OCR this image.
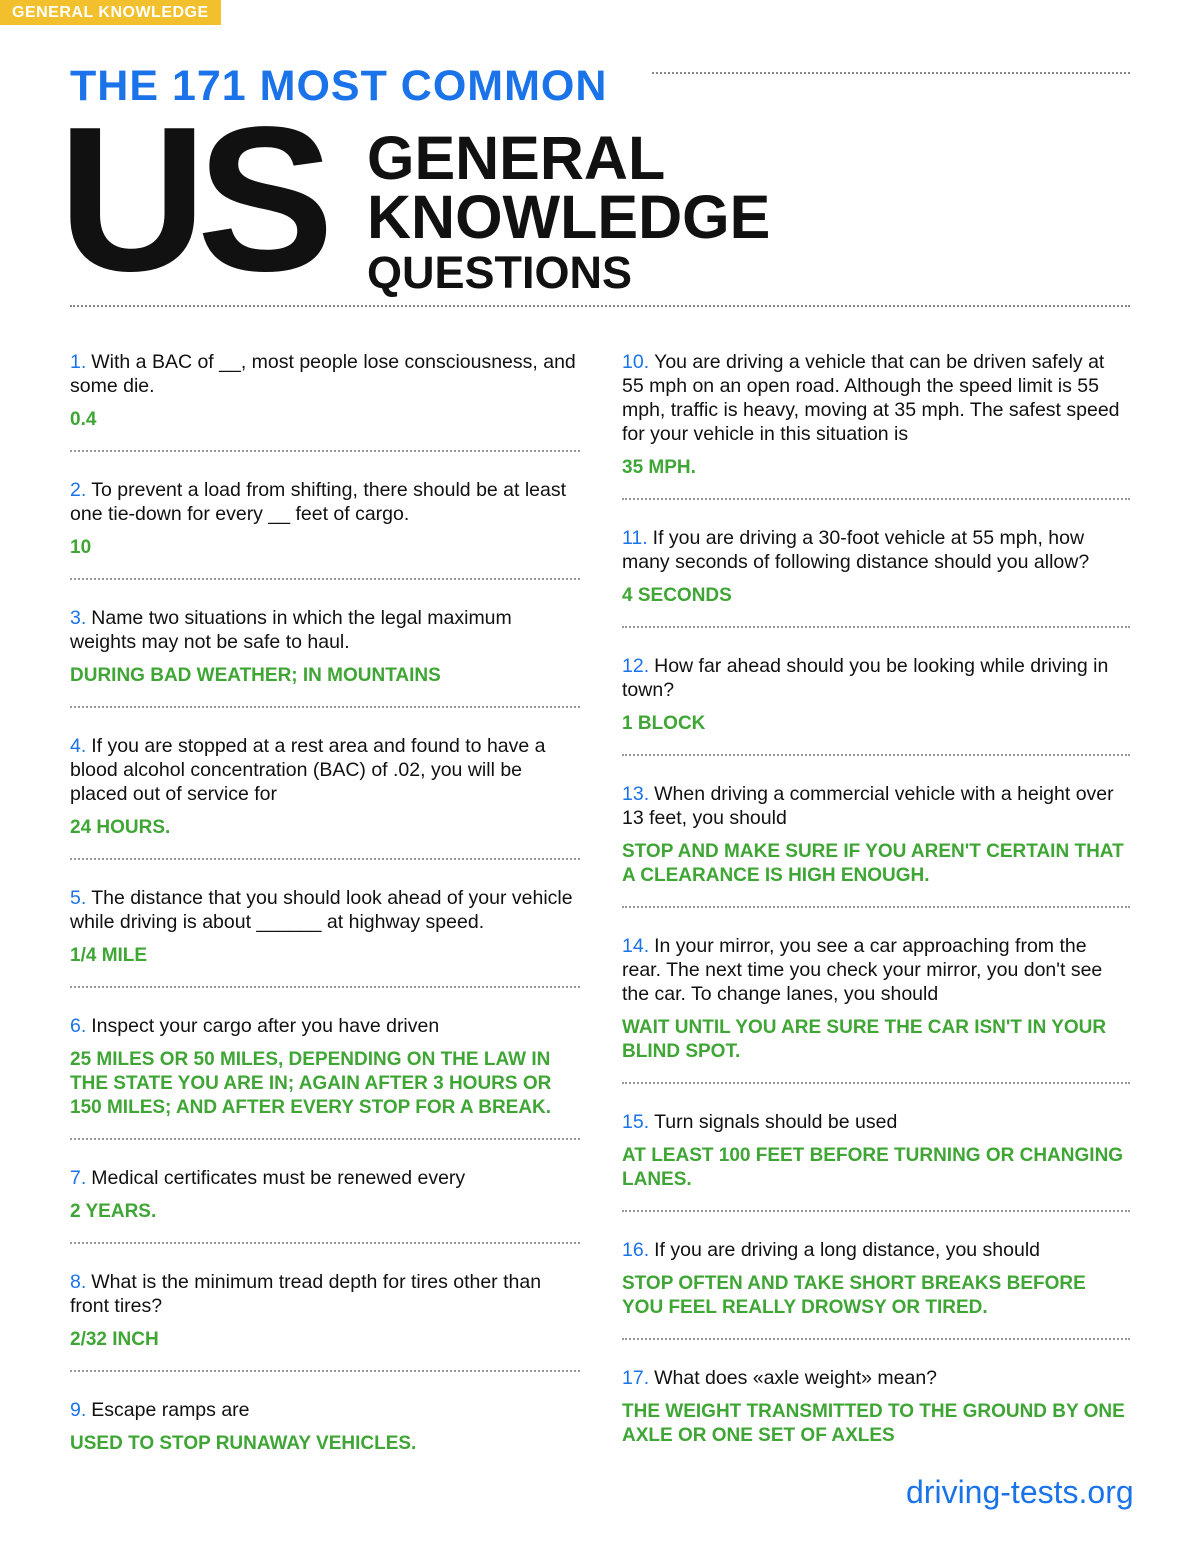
GENERAL KNOWLEDGE
THE 171 MOST COMMON
US GENERAL
KNOWLEDGE
QUESTIONS

1. With a BAC of __, most people lose consciousness, and some die.

0.4

2. To prevent a load from shifting, there should be at least one tie-down for every __ feet of cargo.

10

3. Name two situations in which the legal maximum weights may not be safe to haul.

DURING BAD WEATHER; IN MOUNTAINS

4. If you are stopped at a rest area and found to have a blood alcohol concentration (BAC) of .02, you will be placed out of service for

24 HOURS.

5. The distance that you should look ahead of your vehicle while driving is about ______ at highway speed.

1/4 MILE

6. Inspect your cargo after you have driven

25 MILES OR 50 MILES, DEPENDING ON THE LAW IN THE STATE YOU ARE IN; AGAIN AFTER 3 HOURS OR 150 MILES; AND AFTER EVERY STOP FOR A BREAK.

7. Medical certificates must be renewed every

2 YEARS.

8. What is the minimum tread depth for tires other than front tires?

2/32 INCH

9. Escape ramps are

USED TO STOP RUNAWAY VEHICLES.

10. You are driving a vehicle that can be driven safely at 55 mph on an open road. Although the speed limit is 55 mph, traffic is heavy, moving at 35 mph. The safest speed for your vehicle in this situation is

35 MPH.

11. If you are driving a 30-foot vehicle at 55 mph, how many seconds of following distance should you allow?

4 SECONDS

12. How far ahead should you be looking while driving in town?

1 BLOCK

13. When driving a commercial vehicle with a height over 13 feet, you should

STOP AND MAKE SURE IF YOU AREN'T CERTAIN THAT A CLEARANCE IS HIGH ENOUGH.

14. In your mirror, you see a car approaching from the rear. The next time you check your mirror, you don't see the car. To change lanes, you should

WAIT UNTIL YOU ARE SURE THE CAR ISN'T IN YOUR BLIND SPOT.

15. Turn signals should be used

AT LEAST 100 FEET BEFORE TURNING OR CHANGING LANES.

16. If you are driving a long distance, you should

STOP OFTEN AND TAKE SHORT BREAKS BEFORE YOU FEEL REALLY DROWSY OR TIRED.

17. What does «axle weight» mean?

THE WEIGHT TRANSMITTED TO THE GROUND BY ONE AXLE OR ONE SET OF AXLES

driving-tests.org
